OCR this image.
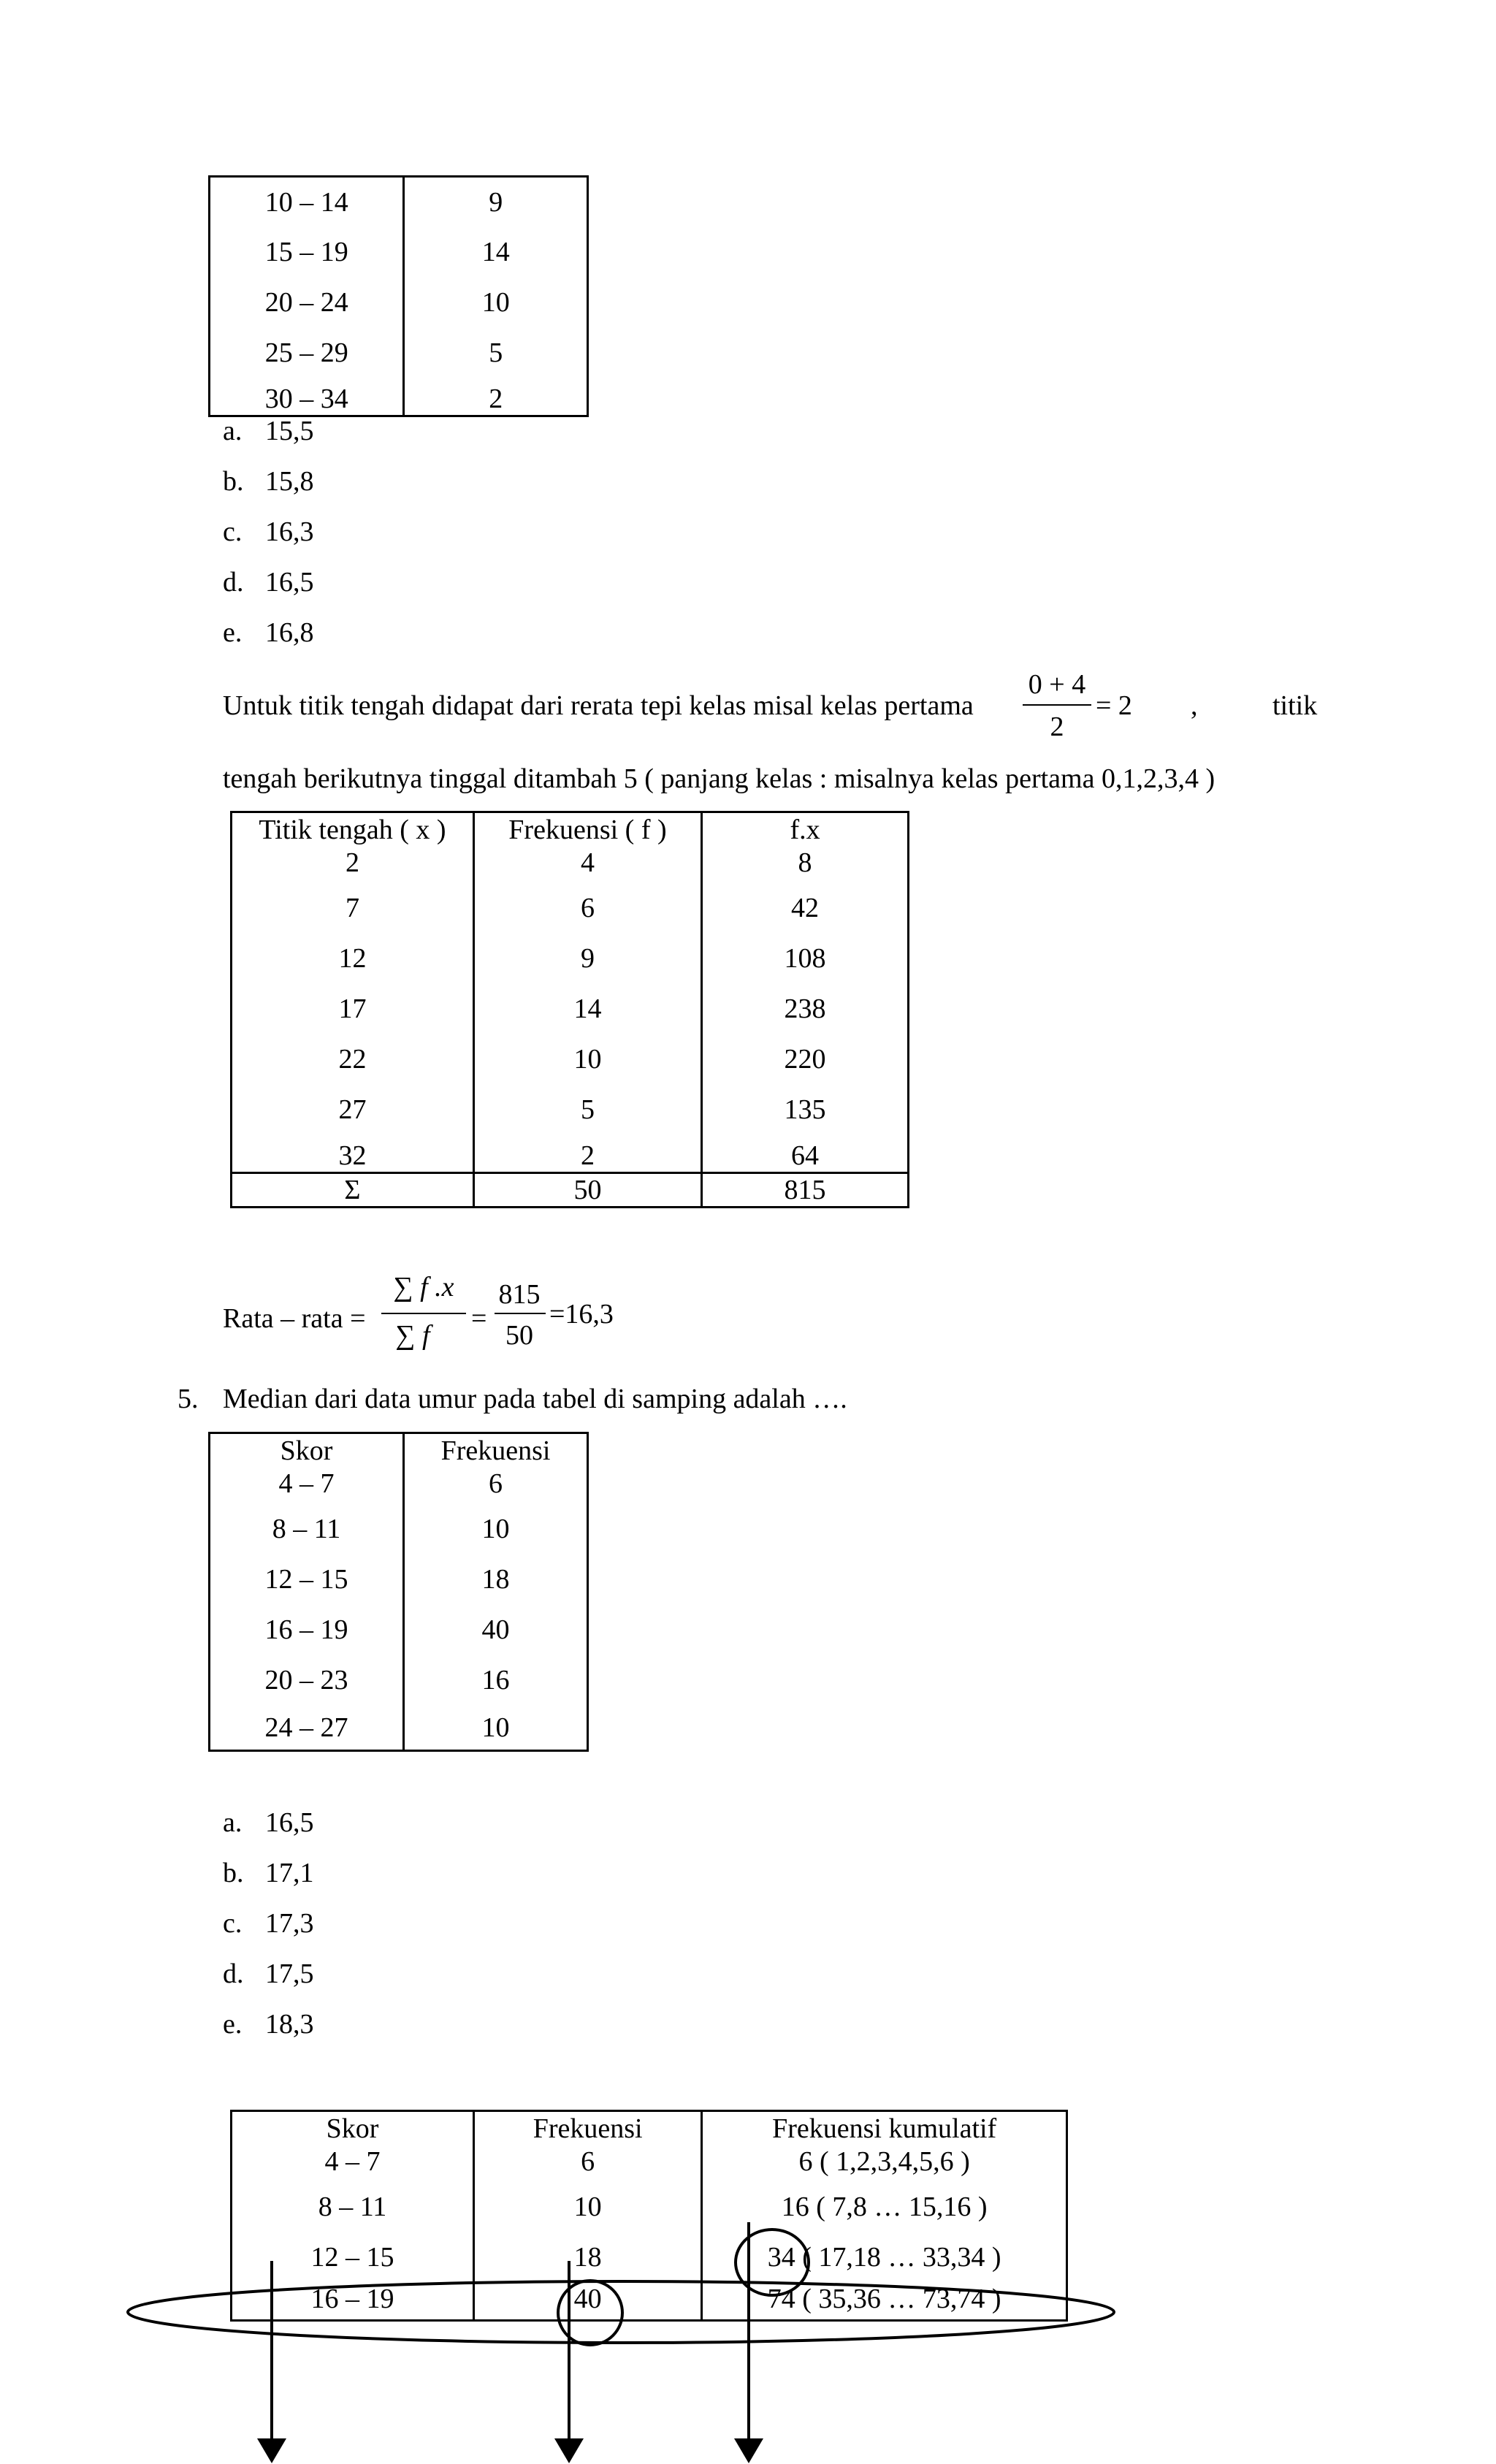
10 – 14	9
15 – 19	14
20 – 24	10
25 – 29	5
30 – 34	2
a. 15,5
b. 15,8
c. 16,3
d. 16,5
e. 16,8
Untuk titik tengah didapat dari rerata tepi kelas misal kelas pertama
0 + 4
2
= 2 ,	titik
tengah berikutnya tinggal ditambah 5 ( panjang kelas : misalnya kelas pertama 0,1,2,3,4 )
Titik tengah ( x )	Frekuensi ( f )	f.x
2	4	8
7	6	42
12	9	108
17	14	238
22	10	220
27	5	135
32	2	64
Σ	50	815
Rata – rata =
∑ f .x
∑ f
=
815
50
=16,3
5. Median dari data umur pada tabel di samping adalah ….
Skor	Frekuensi
4 – 7	6
8 – 11	10
12 – 15	18
16 – 19	40
20 – 23	16
24 – 27	10
a. 16,5
b. 17,1
c. 17,3
d. 17,5
e. 18,3
Skor	Frekuensi	Frekuensi kumulatif
4 – 7	6	6 ( 1,2,3,4,5,6 )
8 – 11	10	16 ( 7,8 … 15,16 )
12 – 15	18	34 ( 17,18 … 33,34 )
16 – 19	40	74 ( 35,36 … 73,74 )
